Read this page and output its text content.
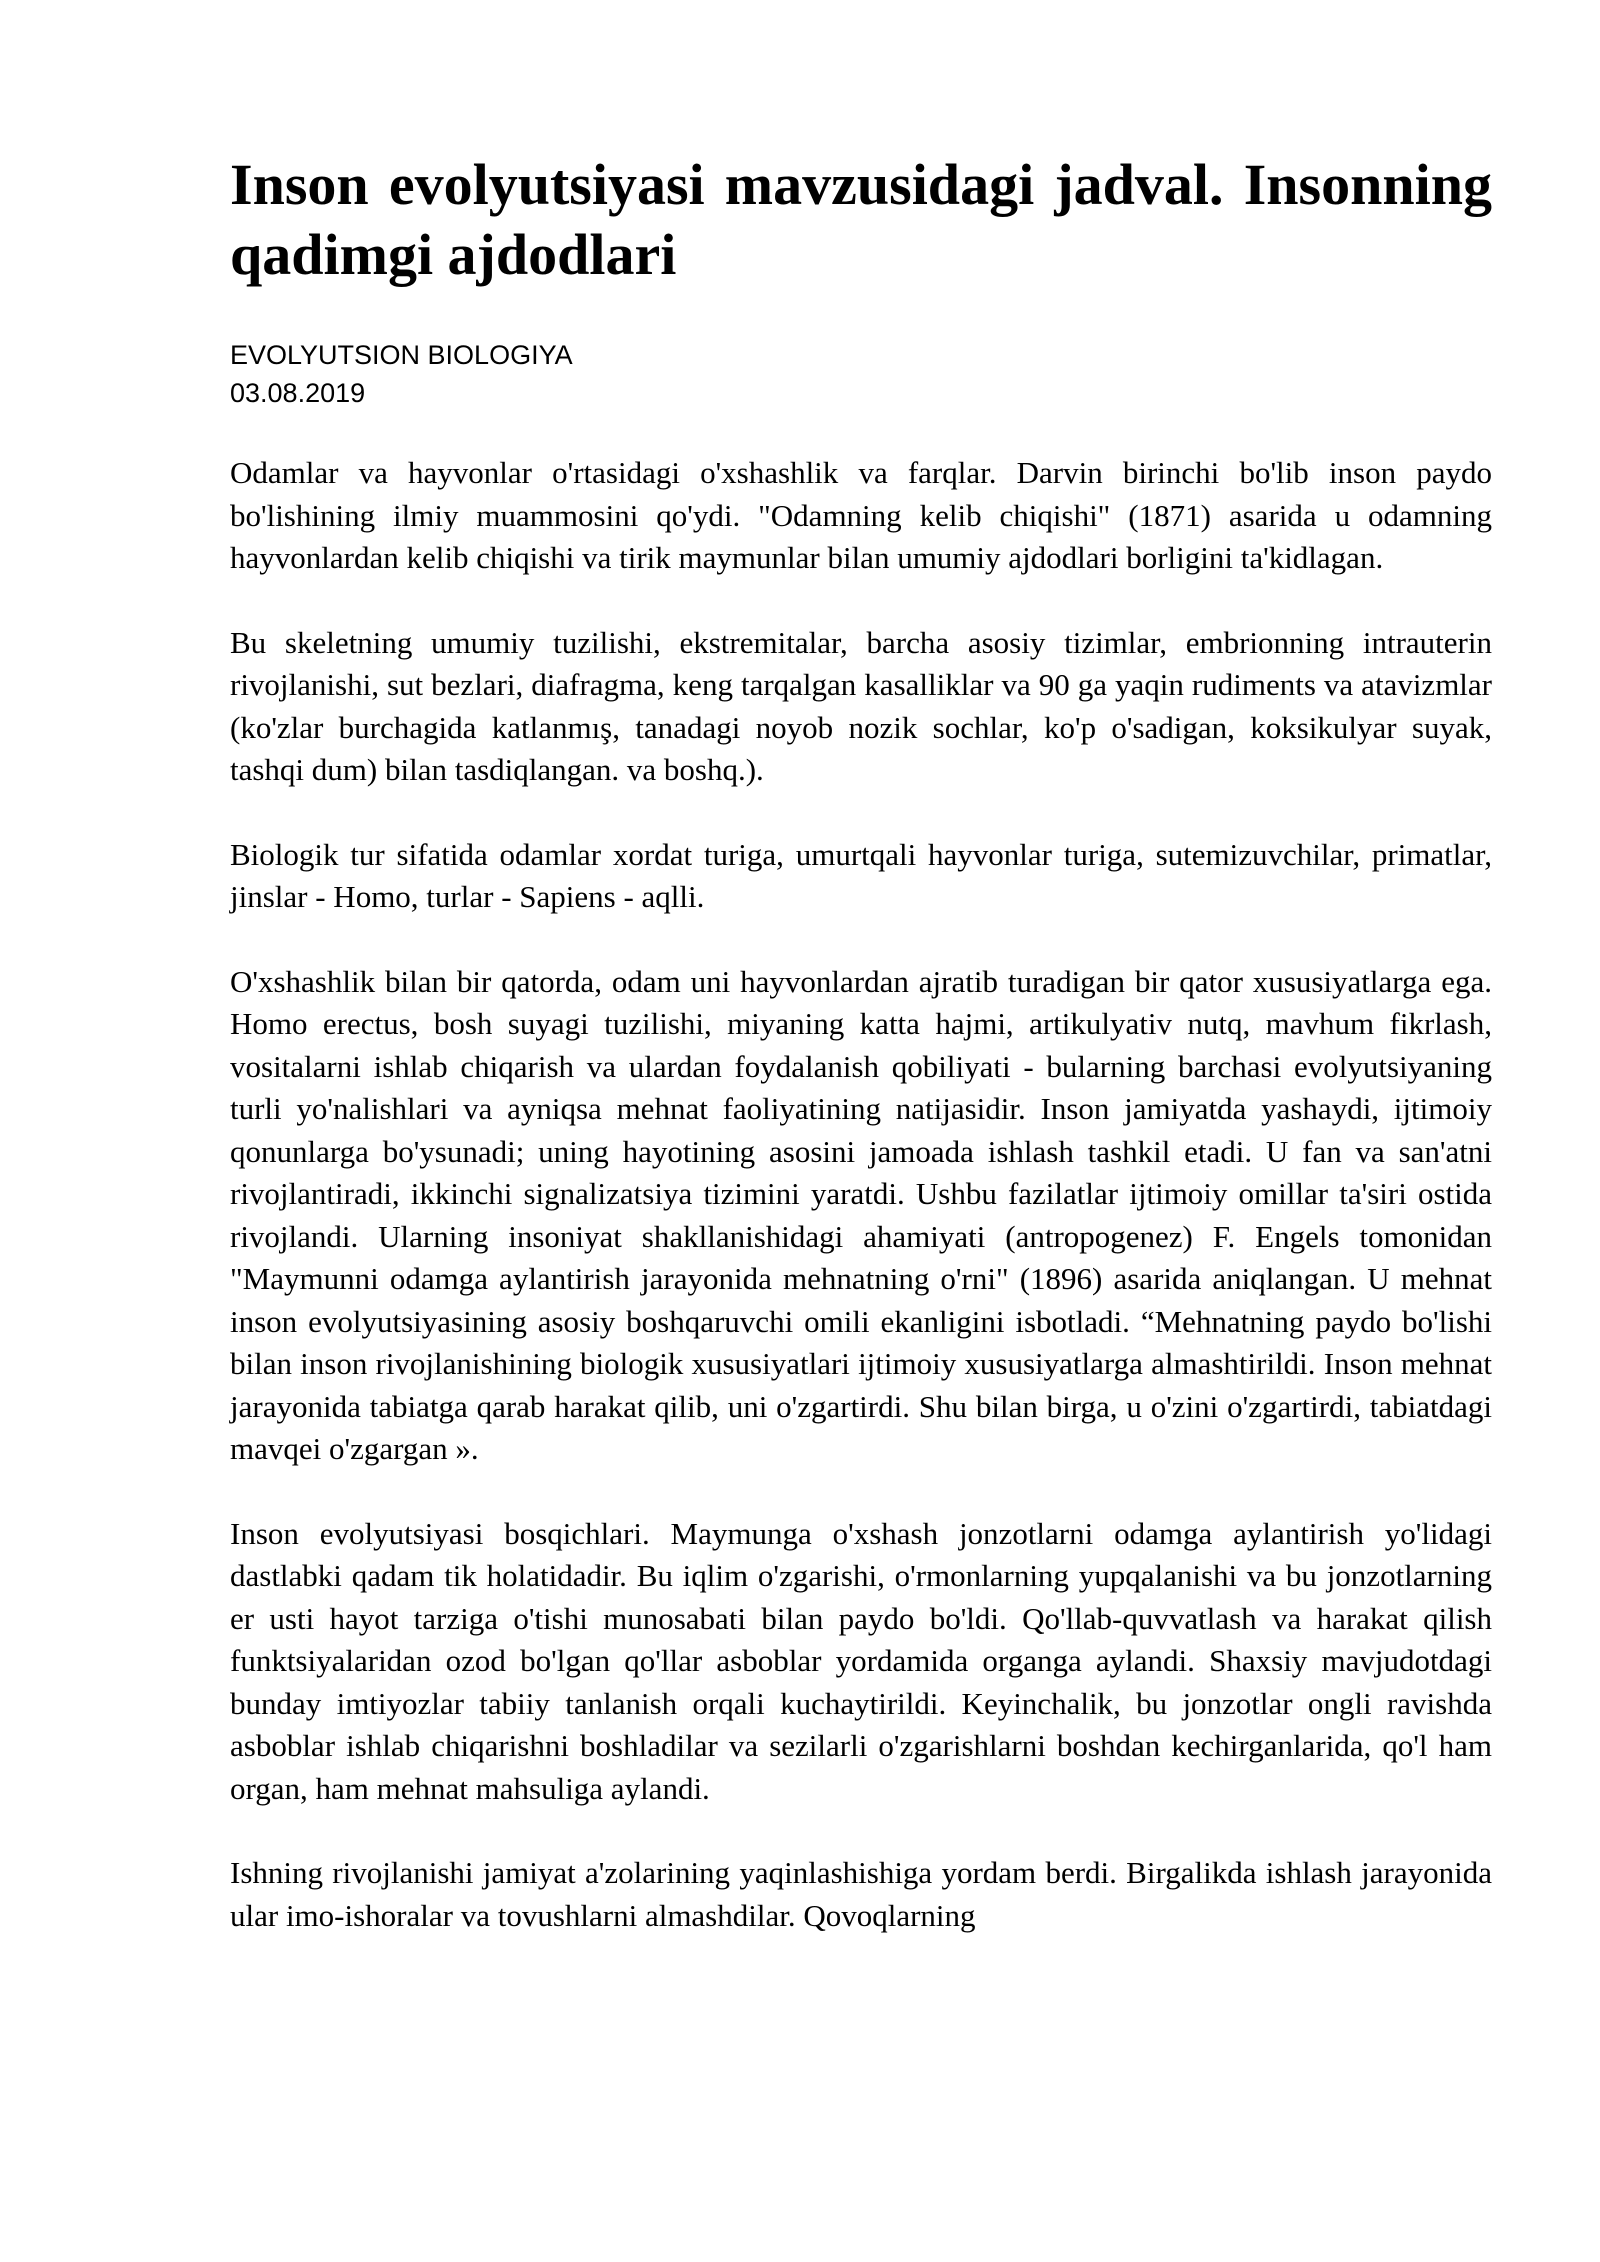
Inson evolyutsiyasi mavzusidagi jadval. Insonning qadimgi ajdodlari
EVOLYUTSION BIOLOGIYA
03.08.2019

Odamlar va hayvonlar o'rtasidagi o'xshashlik va farqlar. Darvin birinchi bo'lib inson paydo bo'lishining ilmiy muammosini qo'ydi. "Odamning kelib chiqishi" (1871) asarida u odamning hayvonlardan kelib chiqishi va tirik maymunlar bilan umumiy ajdodlari borligini ta'kidlagan.

Bu skeletning umumiy tuzilishi, ekstremitalar, barcha asosiy tizimlar, embrionning intrauterin rivojlanishi, sut bezlari, diafragma, keng tarqalgan kasalliklar va 90 ga yaqin rudiments va atavizmlar (ko'zlar burchagida katlanmış, tanadagi noyob nozik sochlar, ko'p o'sadigan, koksikulyar suyak, tashqi dum) bilan tasdiqlangan. va boshq.).

Biologik tur sifatida odamlar xordat turiga, umurtqali hayvonlar turiga, sutemizuvchilar, primatlar, jinslar - Homo, turlar - Sapiens - aqlli.

O'xshashlik bilan bir qatorda, odam uni hayvonlardan ajratib turadigan bir qator xususiyatlarga ega. Homo erectus, bosh suyagi tuzilishi, miyaning katta hajmi, artikulyativ nutq, mavhum fikrlash, vositalarni ishlab chiqarish va ulardan foydalanish qobiliyati - bularning barchasi evolyutsiyaning turli yo'nalishlari va ayniqsa mehnat faoliyatining natijasidir. Inson jamiyatda yashaydi, ijtimoiy qonunlarga bo'ysunadi; uning hayotining asosini jamoada ishlash tashkil etadi. U fan va san'atni rivojlantiradi, ikkinchi signalizatsiya tizimini yaratdi. Ushbu fazilatlar ijtimoiy omillar ta'siri ostida rivojlandi. Ularning insoniyat shakllanishidagi ahamiyati (antropogenez) F. Engels tomonidan "Maymunni odamga aylantirish jarayonida mehnatning o'rni" (1896) asarida aniqlangan. U mehnat inson evolyutsiyasining asosiy boshqaruvchi omili ekanligini isbotladi. “Mehnatning paydo bo'lishi bilan inson rivojlanishining biologik xususiyatlari ijtimoiy xususiyatlarga almashtirildi. Inson mehnat jarayonida tabiatga qarab harakat qilib, uni o'zgartirdi. Shu bilan birga, u o'zini o'zgartirdi, tabiatdagi mavqei o'zgargan ».

Inson evolyutsiyasi bosqichlari. Maymunga o'xshash jonzotlarni odamga aylantirish yo'lidagi dastlabki qadam tik holatidadir. Bu iqlim o'zgarishi, o'rmonlarning yupqalanishi va bu jonzotlarning er usti hayot tarziga o'tishi munosabati bilan paydo bo'ldi. Qo'llab-quvvatlash va harakat qilish funktsiyalaridan ozod bo'lgan qo'llar asboblar yordamida organga aylandi. Shaxsiy mavjudotdagi bunday imtiyozlar tabiiy tanlanish orqali kuchaytirildi. Keyinchalik, bu jonzotlar ongli ravishda asboblar ishlab chiqarishni boshladilar va sezilarli o'zgarishlarni boshdan kechirganlarida, qo'l ham organ, ham mehnat mahsuliga aylandi.

Ishning rivojlanishi jamiyat a'zolarining yaqinlashishiga yordam berdi. Birgalikda ishlash jarayonida ular imo-ishoralar va tovushlarni almashdilar. Qovoqlarning
